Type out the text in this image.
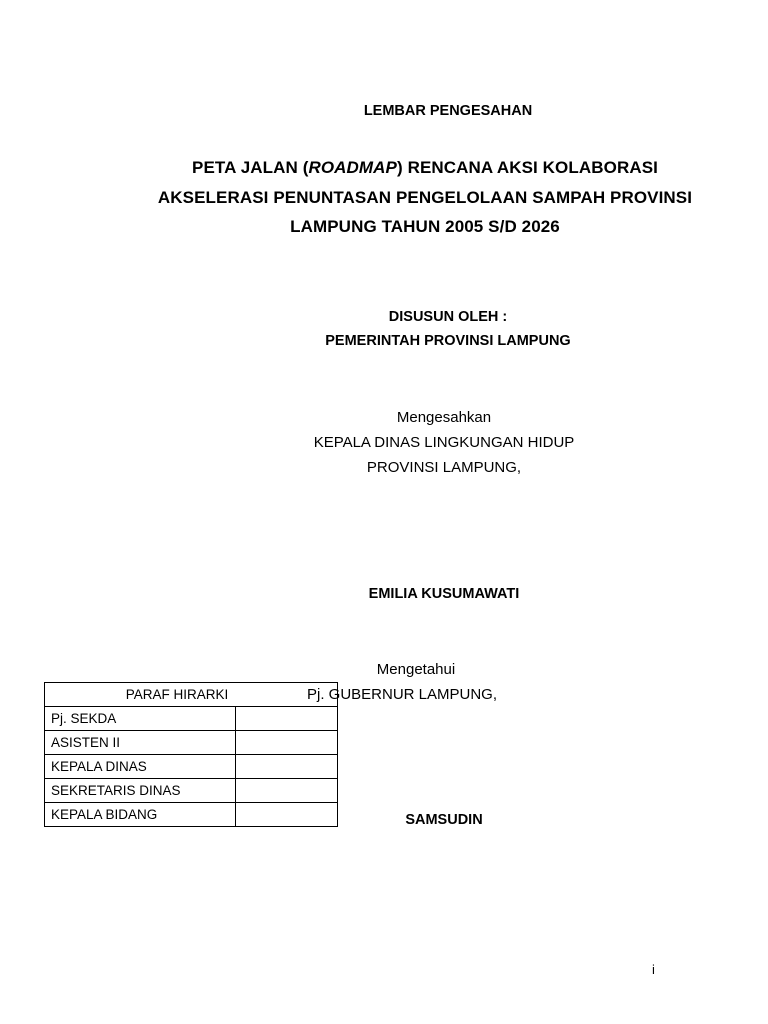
LEMBAR PENGESAHAN
PETA JALAN (ROADMAP) RENCANA AKSI KOLABORASI
AKSELERASI PENUNTASAN PENGELOLAAN SAMPAH PROVINSI
LAMPUNG TAHUN 2005 S/D 2026
DISUSUN OLEH :
PEMERINTAH PROVINSI LAMPUNG
Mengesahkan
KEPALA DINAS LINGKUNGAN HIDUP
PROVINSI LAMPUNG,
EMILIA KUSUMAWATI
PARAF HIRARKI	
Pj. SEKDA	
ASISTEN II	
KEPALA DINAS	
SEKRETARIS DINAS	
KEPALA BIDANG	
Mengetahui
Pj. GUBERNUR LAMPUNG,
SAMSUDIN
i
